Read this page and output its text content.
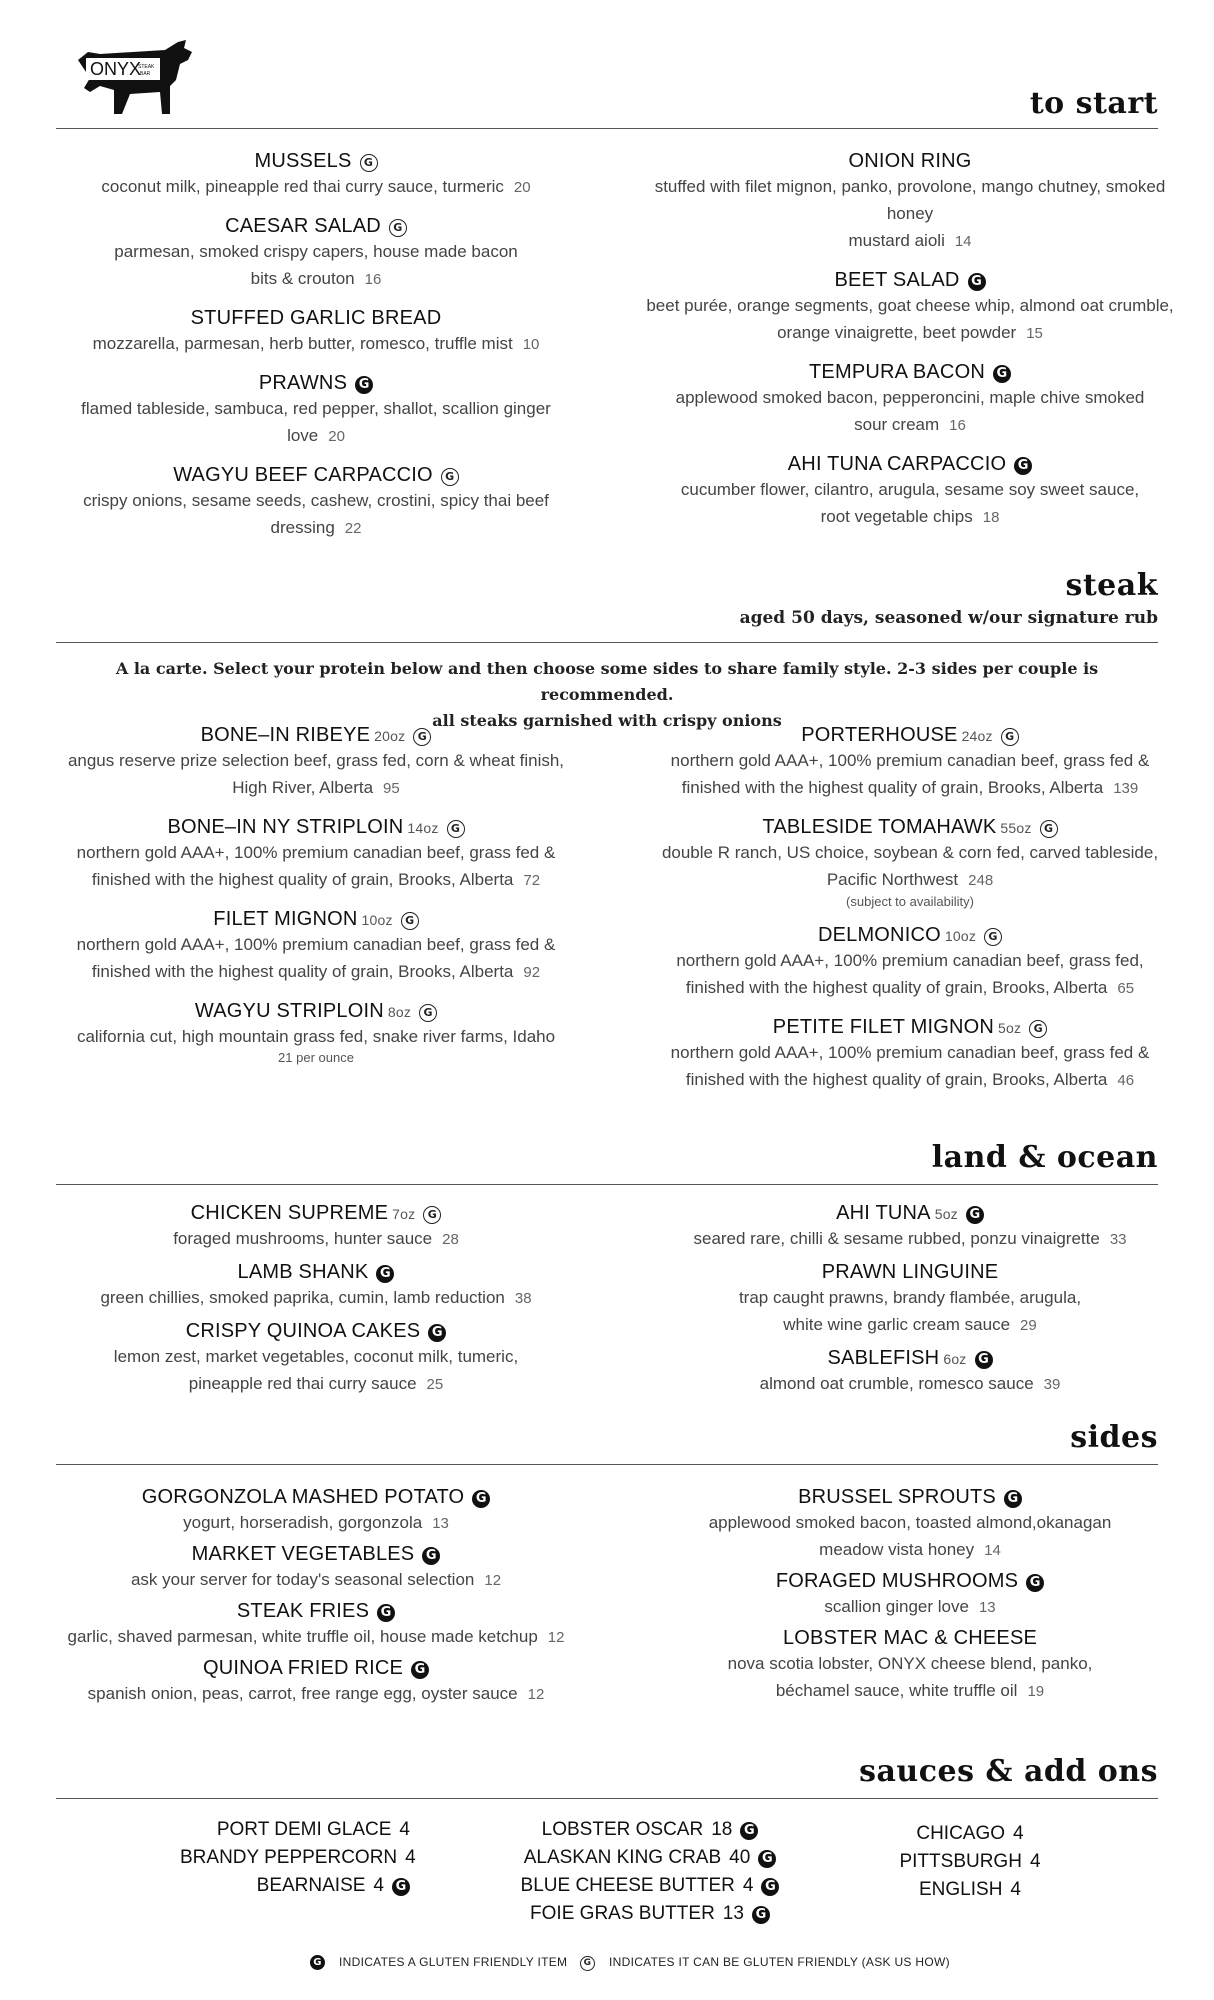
ONYX
STEAK
BAR
to start
MUSSELS G
coconut milk, pineapple red thai curry sauce, turmeric 20
CAESAR SALAD G
parmesan, smoked crispy capers, house made bacon
bits & crouton 16
STUFFED GARLIC BREAD
mozzarella, parmesan, herb butter, romesco, truffle mist 10
PRAWNS G
flamed tableside, sambuca, red pepper, shallot, scallion ginger love 20
WAGYU BEEF CARPACCIO G
crispy onions, sesame seeds, cashew, crostini, spicy thai beef dressing 22
ONION RING
stuffed with filet mignon, panko, provolone, mango chutney, smoked honey
mustard aioli 14
BEET SALAD G
beet purée, orange segments, goat cheese whip, almond oat crumble,
orange vinaigrette, beet powder 15
TEMPURA BACON G
applewood smoked bacon, pepperoncini, maple chive smoked
sour cream 16
AHI TUNA CARPACCIO G
cucumber flower, cilantro, arugula, sesame soy sweet sauce,
root vegetable chips 18
steak
aged 50 days, seasoned w/our signature rub
A la carte. Select your protein below and then choose some sides to share family style. 2-3 sides per couple is recommended.
all steaks garnished with crispy onions
BONE–IN RIBEYE 20oz G
angus reserve prize selection beef, grass fed, corn & wheat finish,
High River, Alberta 95
BONE–IN NY STRIPLOIN 14oz G
northern gold AAA+, 100% premium canadian beef, grass fed &
finished with the highest quality of grain, Brooks, Alberta 72
FILET MIGNON 10oz G
northern gold AAA+, 100% premium canadian beef, grass fed &
finished with the highest quality of grain, Brooks, Alberta 92
WAGYU STRIPLOIN 8oz G
california cut, high mountain grass fed, snake river farms, Idaho
21 per ounce
PORTERHOUSE 24oz G
northern gold AAA+, 100% premium canadian beef, grass fed &
finished with the highest quality of grain, Brooks, Alberta 139
TABLESIDE TOMAHAWK 55oz G
double R ranch, US choice, soybean & corn fed, carved tableside,
Pacific Northwest 248
(subject to availability)
DELMONICO 10oz G
northern gold AAA+, 100% premium canadian beef, grass fed,
finished with the highest quality of grain, Brooks, Alberta 65
PETITE FILET MIGNON 5oz G
northern gold AAA+, 100% premium canadian beef, grass fed &
finished with the highest quality of grain, Brooks, Alberta 46
land & ocean
CHICKEN SUPREME 7oz G
foraged mushrooms, hunter sauce 28
LAMB SHANK G
green chillies, smoked paprika, cumin, lamb reduction 38
CRISPY QUINOA CAKES G
lemon zest, market vegetables, coconut milk, tumeric,
pineapple red thai curry sauce 25
AHI TUNA 5oz G
seared rare, chilli & sesame rubbed, ponzu vinaigrette 33
PRAWN LINGUINE
trap caught prawns, brandy flambée, arugula,
white wine garlic cream sauce 29
SABLEFISH 6oz G
almond oat crumble, romesco sauce 39
sides
GORGONZOLA MASHED POTATO G
yogurt, horseradish, gorgonzola 13
MARKET VEGETABLES G
ask your server for today's seasonal selection 12
STEAK FRIES G
garlic, shaved parmesan, white truffle oil, house made ketchup 12
QUINOA FRIED RICE G
spanish onion, peas, carrot, free range egg, oyster sauce 12
BRUSSEL SPROUTS G
applewood smoked bacon, toasted almond,okanagan
meadow vista honey 14
FORAGED MUSHROOMS G
scallion ginger love 13
LOBSTER MAC & CHEESE
nova scotia lobster, ONYX cheese blend, panko,
béchamel sauce, white truffle oil 19
sauces & add ons
PORT DEMI GLACE 4
BRANDY PEPPERCORN 4
BEARNAISE 4 G
LOBSTER OSCAR 18 G
ALASKAN KING CRAB 40 G
BLUE CHEESE BUTTER 4 G
FOIE GRAS BUTTER 13 G
CHICAGO 4
PITTSBURGH 4
ENGLISH 4
G INDICATES A GLUTEN FRIENDLY ITEM	G INDICATES IT CAN BE GLUTEN FRIENDLY (ASK US HOW)
